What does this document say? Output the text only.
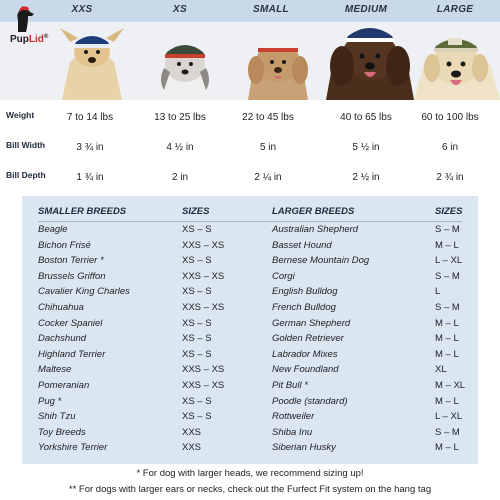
XXS	XS	SMALL	MEDIUM	LARGE
PupLid®
Weight	7 to 14 lbs	13 to 25 lbs	22 to 45 lbs	40 to 65 lbs	60 to 100 lbs
Bill Width	3 ¾ in	4 ½ in	5 in	5 ½ in	6 in
Bill Depth	1 ¾ in	2 in	2 ¼ in	2 ½ in	2 ¾ in
SMALLER BREEDS	SIZES	LARGER BREEDS	SIZES
Beagle	XS – S	Australian Shepherd	S – M
Bichon Frisé	XXS – XS	Basset Hound	M – L
Boston Terrier *	XS – S	Bernese Mountain Dog	L – XL
Brussels Griffon	XXS – XS	Corgi	S – M
Cavalier King Charles	XS – S	English Bulldog	L
Chihuahua	XXS – XS	French Bulldog	S – M
Cocker Spaniel	XS – S	German Shepherd	M – L
Dachshund	XS – S	Golden Retriever	M – L
Highland Terrier	XS – S	Labrador Mixes	M – L
Maltese	XXS – XS	New Foundland	XL
Pomeranian	XXS – XS	Pit Bull *	M – XL
Pug *	XS – S	Poodle (standard)	M – L
Shih Tzu	XS – S	Rottweiler	L – XL
Toy Breeds	XXS	Shiba Inu	S – M
Yorkshire Terrier	XXS	Siberian Husky	M – L
* For dog with larger heads, we recommend sizing up!
** For dogs with larger ears or necks, check out the Furfect Fit system on the hang tag
